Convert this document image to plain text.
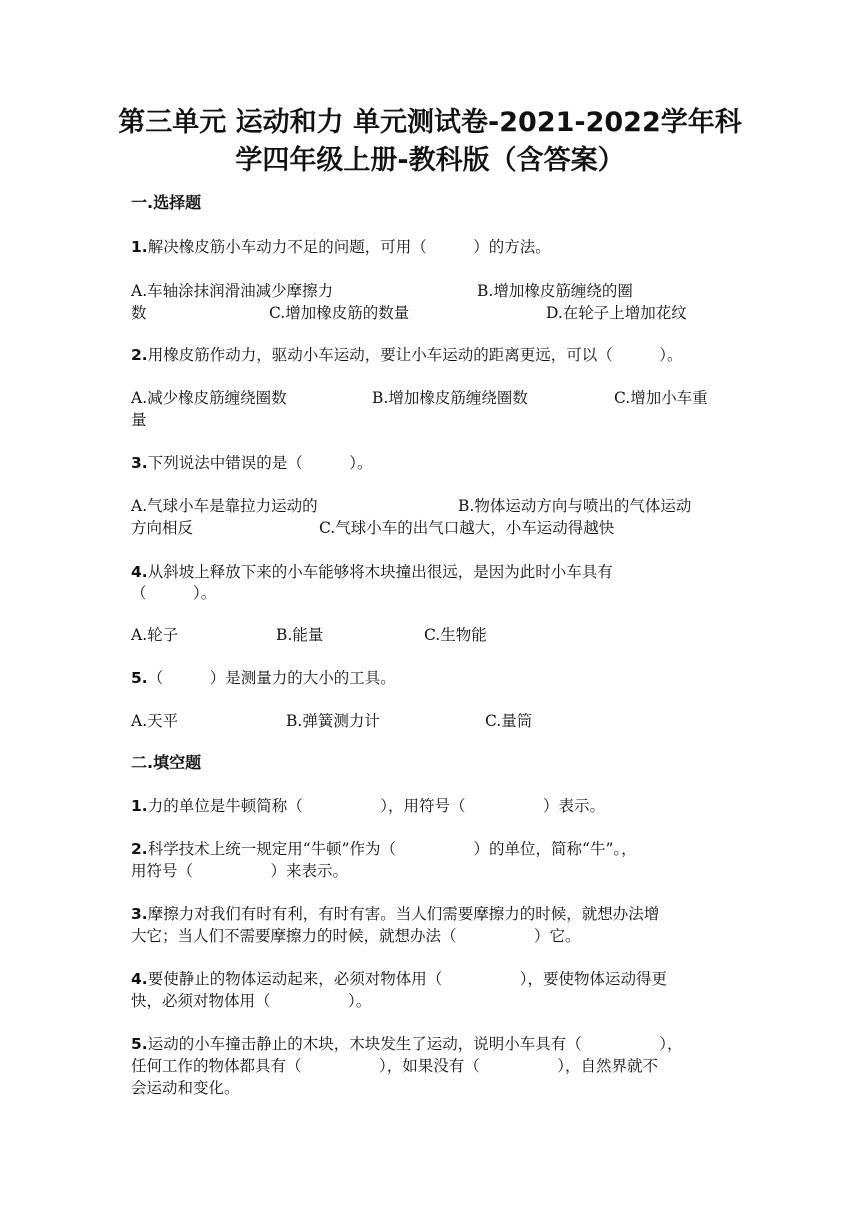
第三单元 运动和力 单元测试卷-2021-2022学年科
学四年级上册-教科版（含答案）
一.选择题
1.解决橡皮筋小车动力不足的问题，可用（　　　）的方法。
A.车轴涂抹润滑油减少摩擦力	B.增加橡皮筋缠绕的圈
数	C.增加橡皮筋的数量	D.在轮子上增加花纹
2.用橡皮筋作动力，驱动小车运动，要让小车运动的距离更远，可以（　　　）。
A.减少橡皮筋缠绕圈数	B.增加橡皮筋缠绕圈数	C.增加小车重
量
3.下列说法中错误的是（　　　）。
A.气球小车是靠拉力运动的	B.物体运动方向与喷出的气体运动
方向相反	C.气球小车的出气口越大，小车运动得越快
4.从斜坡上释放下来的小车能够将木块撞出很远，是因为此时小车具有
（　　　）。
A.轮子	B.能量	C.生物能
5.（　　　）是测量力的大小的工具。
A.天平	B.弹簧测力计	C.量筒
二.填空题
1.力的单位是牛顿简称（　　　　　），用符号（　　　　　）表示。
2.科学技术上统一规定用“牛顿”作为（　　　　　）的单位，简称“牛”。，
用符号（　　　　　）来表示。
3.摩擦力对我们有时有利，有时有害。当人们需要摩擦力的时候，就想办法增
大它；当人们不需要摩擦力的时候，就想办法（　　　　　）它。
4.要使静止的物体运动起来，必须对物体用（　　　　　），要使物体运动得更
快，必须对物体用（　　　　　）。
5.运动的小车撞击静止的木块，木块发生了运动，说明小车具有（　　　　　），
任何工作的物体都具有（　　　　　），如果没有（　　　　　），自然界就不
会运动和变化。
